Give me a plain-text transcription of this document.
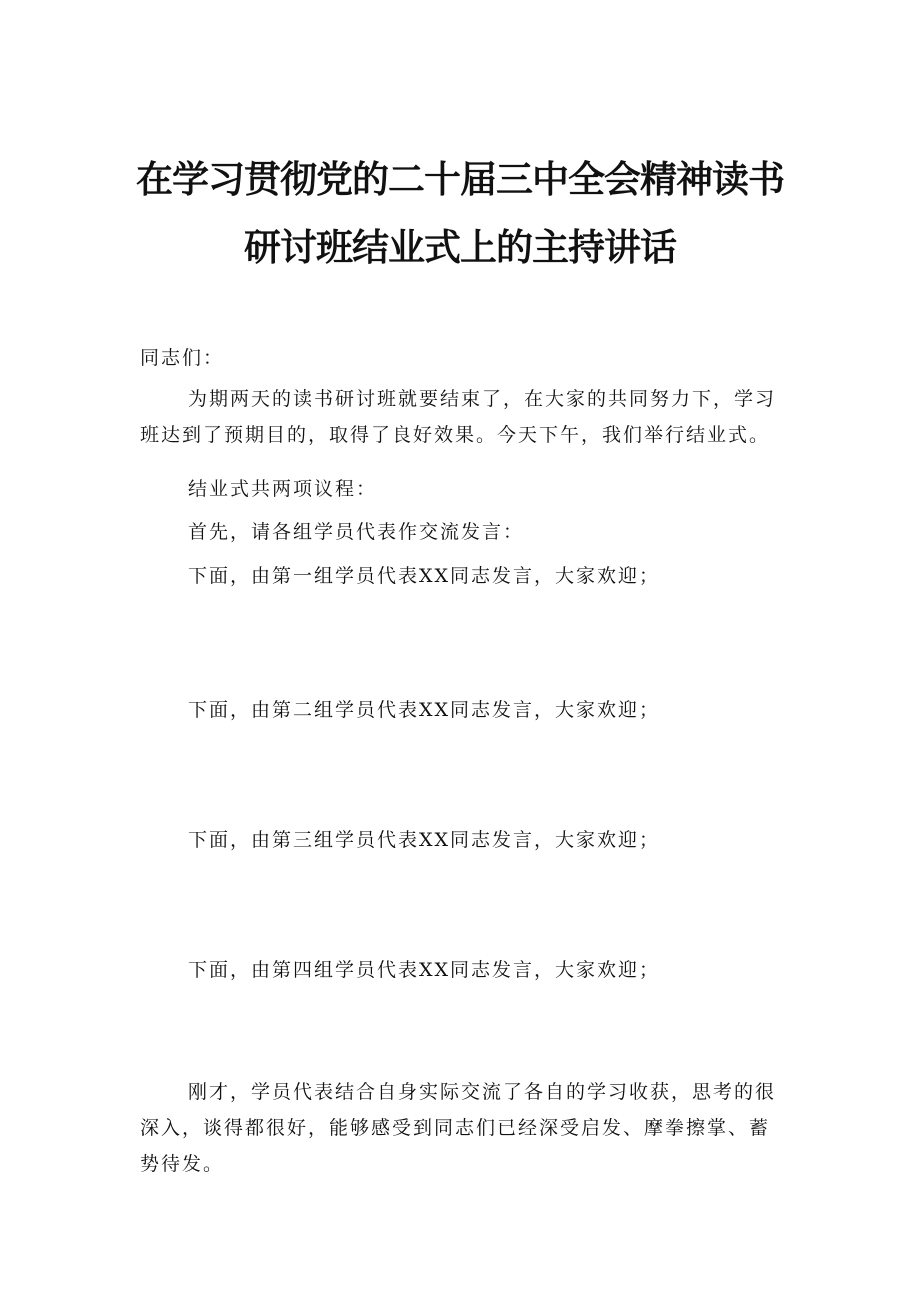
在学习贯彻党的二十届三中全会精神读书
研讨班结业式上的主持讲话

同志们：

为期两天的读书研讨班就要结束了，在大家的共同努力下，学习班达到了预期目的，取得了良好效果。今天下午，我们举行结业式。

结业式共两项议程：

首先，请各组学员代表作交流发言：

下面，由第一组学员代表XX同志发言，大家欢迎；

下面，由第二组学员代表XX同志发言，大家欢迎；

下面，由第三组学员代表XX同志发言，大家欢迎；

下面，由第四组学员代表XX同志发言，大家欢迎；

刚才，学员代表结合自身实际交流了各自的学习收获，思考的很深入，谈得都很好，能够感受到同志们已经深受启发、摩拳擦掌、蓄势待发。
